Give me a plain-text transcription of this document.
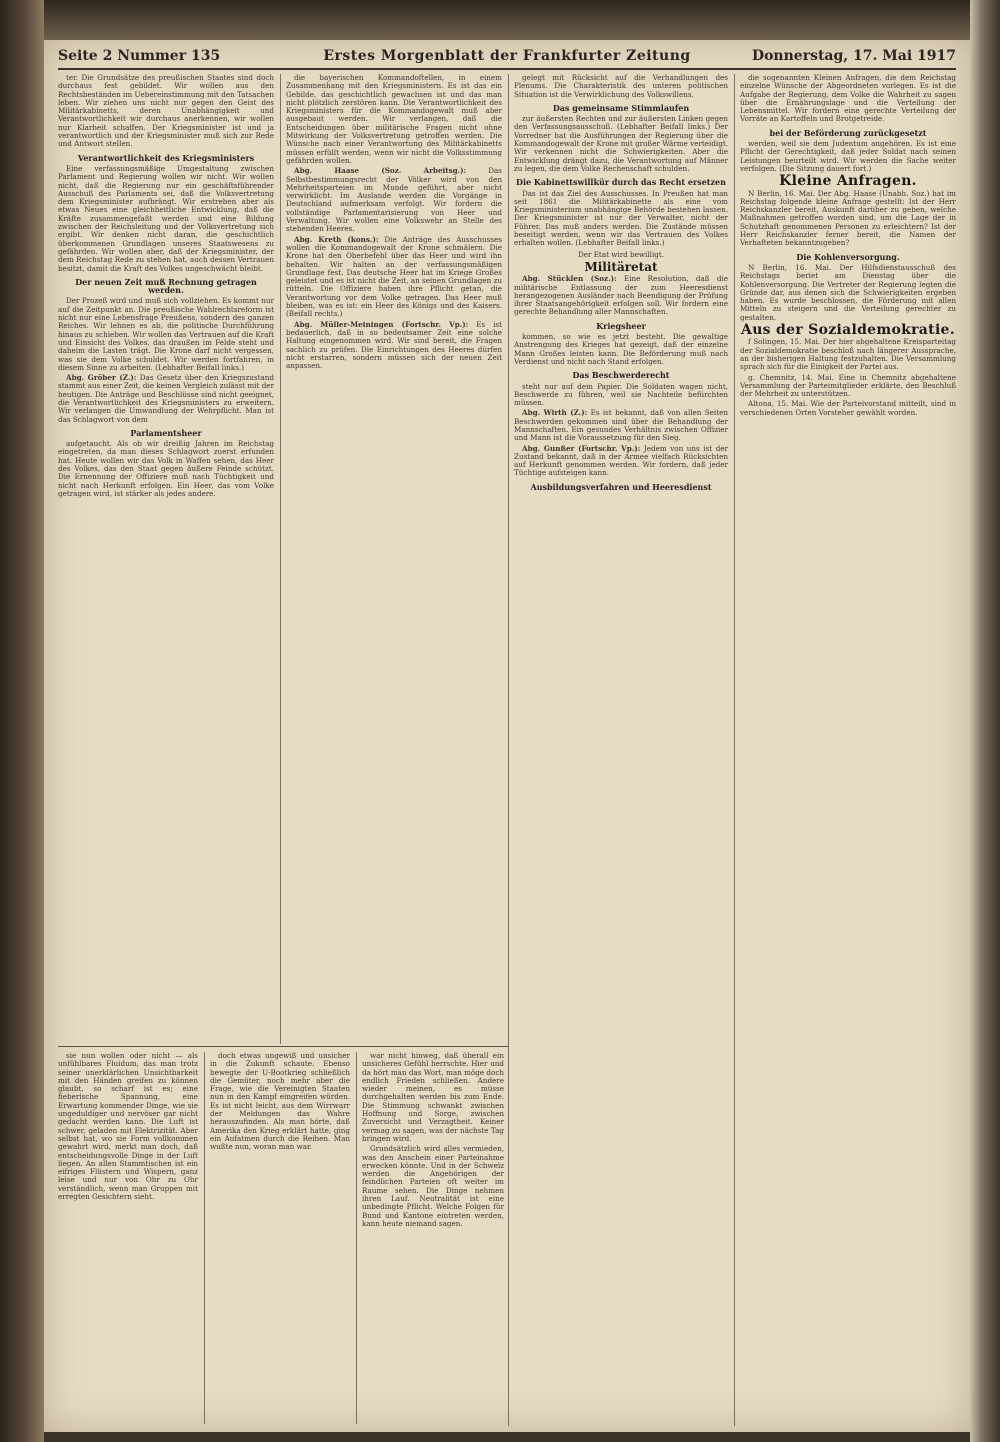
Seite 2 Nummer 135	Erstes Morgenblatt der Frankfurter Zeitung	Donnerstag, 17. Mai 1917

ter. Die Grundsätze des preußischen Staates sind doch durchaus fest gebildet. Wir wollen aus den Rechtsbeständen im Uebereinstimmung mit den Tatsachen leben. Wir ziehen uns nicht nur gegen den Geist des Militärkabinetts, deren Unabhängigkeit und Verantwortlichkeit wir durchaus anerkennen, wir wollen nur Klarheit schaffen. Der Kriegsminister ist und ja verantwortlich und der Kriegsminister muß sich zur Rede und Antwort stellen.

Verantwortlichkeit des Kriegsministers

Eine verfassungsmäßige Umgestaltung zwischen Parlament und Regierung wollen wir nicht. Wir wollen nicht, daß die Regierung nur ein geschäftsführender Ausschuß des Parlaments sei, daß die Volksvertretung dem Kriegsminister aufbrängt. Wir erstreben aber als etwas Neues eine gleichheitliche Entwicklung, daß die Kräfte zusammengefaßt werden und eine Bildung zwischen der Reichsleitung und der Volksvertretung sich ergibt. Wir denken nicht daran, die geschichtlich überkommenen Grundlagen unseres Staatswesens zu gefährden. Wir wollen aber, daß der Kriegsminister, der dem Reichstag Rede zu stehen hat, auch dessen Vertrauen besitzt, damit die Kraft des Volkes ungeschwächt bleibt.

Der neuen Zeit muß Rechnung getragen werden.

Der Prozeß wird und muß sich vollziehen. Es kommt nur auf die Zeitpunkt an. Die preußische Wahlrechtsreform ist nicht nur eine Lebensfrage Preußens, sondern des ganzen Reiches. Wir lehnen es ab, die politische Durchführung hinaus zu schieben. Wir wollen das Vertrauen auf die Kraft und Einsicht des Volkes, das draußen im Felde steht und daheim die Lasten trägt. Die Krone darf nicht vergessen, was sie dem Volke schuldet. Wir werden fortfahren, in diesem Sinne zu arbeiten. (Lebhafter Beifall links.)

Abg. Gröber (Z.): Das Gesetz über den Kriegszustand stammt aus einer Zeit, die keinen Vergleich zulässt mit der heutigen. Die Anträge und Beschlüsse sind nicht geeignet, die Verantwortlichkeit des Kriegsministers zu erweitern. Wir verlangen die Umwandlung der Wehrpflicht. Man ist das Schlagwort von dem

Parlamentsheer

aufgetaucht. Als ob wir dreißig Jahren im Reichstag eingetreten, da man dieses Schlagwort zuerst erfunden hat. Heute wollen wir das Volk in Waffen sehen, das Heer des Volkes, das den Staat gegen äußere Feinde schützt. Die Ernennung der Offiziere muß nach Tüchtigkeit und nicht nach Herkunft erfolgen. Ein Heer, das vom Volke getragen wird, ist stärker als jedes andere.

die bayerischen Kommandoftellen, in einem Zusammenhang mit den Kriegsministern. Es ist das ein Gebilde, das geschichtlich gewachsen ist und das man nicht plötzlich zerstören kann. Die Verantwortlichkeit des Kriegsministers für die Kommandogewalt muß aber ausgebaut werden. Wir verlangen, daß die Entscheidungen über militärische Fragen nicht ohne Mitwirkung der Volksvertretung getroffen werden. Die Wünsche nach einer Verantwortung des Militärkabinetts müssen erfüllt werden, wenn wir nicht die Volksstimmung gefährden wollen.

Abg. Haase (Soz. Arbeitsg.):	Das Selbstbestimmungsrecht der Völker wird von den Mehrheitsparteien im Munde geführt, aber nicht verwirklicht. Im Auslande werden die Vorgänge in Deutschland aufmerksam verfolgt. Wir fordern die vollständige Parlamentarisierung von Heer und Verwaltung. Wir wollen eine Volkswehr an Stelle des stehenden Heeres.

Abg. Kreth (kons.): Die Anträge des Ausschusses wollen die Kommandogewalt der Krone schmälern. Die Krone hat den Oberbefehl über das Heer und wird ihn behalten. Wir halten an der verfassungsmäßigen Grundlage fest. Das deutsche Heer hat im Kriege Großes geleistet und es ist nicht die Zeit, an seinen Grundlagen zu rütteln. Die Offiziere haben ihre Pflicht getan, die Verantwortung vor dem Volke getragen. Das Heer muß bleiben, was es ist: ein Heer des Königs und des Kaisers. (Beifall rechts.)

Abg. Müller-Meiningen (Fortschr. Vp.): Es ist bedauerlich, daß in so bedeutsamer Zeit eine solche Haltung eingenommen wird. Wir sind bereit, die Fragen sachlich zu prüfen. Die Einrichtungen des Heeres dürfen nicht erstarren, sondern müssen sich der neuen Zeit anpassen.

gelegt mit Rücksicht auf die Verhandlungen des Plenums. Die Charakteristik des unteren politischen Situation ist die Verwirklichung des Volkswillens.

Das gemeinsame Stimmlaufen

zur äußersten Rechten und zur äußersten Linken gegen den Verfassungsausschuß. (Lebhafter Beifall links.) Der Vorredner hat die Ausführungen der Regierung über die Kommandogewalt der Krone mit großer Wärme verteidigt. Wir verkennen nicht die Schwierigkeiten. Aber die Entwicklung drängt dazu, die Verantwortung auf Männer zu legen, die dem Volke Rechenschaft schulden.

Die Kabinettswillkür durch das Recht ersetzen

Das ist das Ziel des Ausschusses. In Preußen hat man seit 1861 die Militärkabinette als eine vom Kriegsministerium unabhängige Behörde bestehen lassen. Der Kriegsminister ist nur der Verwalter, nicht der Führer. Das muß anders werden. Die Zustände müssen beseitigt werden, wenn wir das Vertrauen des Volkes erhalten wollen. (Lebhafter Beifall links.)

Der Etat wird bewilligt.
Militäretat

Abg. Stücklen (Soz.): Eine Resolution, daß die militärische Entlassung der zum Heeresdienst herangezogenen Ausländer nach Beendigung der Prüfung ihrer Staatsangehörigkeit erfolgen soll. Wir fordern eine gerechte Behandlung aller Mannschaften.

Kriegsheer

kommen, so wie es jetzt besteht. Die gewaltige Anstrengung des Krieges hat gezeigt, daß der einzelne Mann Großes leisten kann. Die Beförderung muß nach Verdienst und nicht nach Stand erfolgen.

Das Beschwerderecht

steht nur auf dem Papier. Die Soldaten wagen nicht, Beschwerde zu führen, weil sie Nachteile befürchten müssen.

Abg. Wirth (Z.): Es ist bekannt, daß von allen Seiten Beschwerden gekommen sind über die Behandlung der Mannschaften. Ein gesundes Verhältnis zwischen Offizier und Mann ist die Voraussetzung für den Sieg.

Abg. Gunßer (Fortschr. Vp.): Jedem von uns ist der Zustand bekannt, daß in der Armee vielfach Rücksichten auf Herkunft genommen werden. Wir fordern, daß jeder Tüchtige aufsteigen kann.

Ausbildungsverfahren und Heeresdienst

die sogenannten Kleinen Anfragen, die dem Reichstag einzelne Wünsche der Abgeordneten vorlegen. Es ist die Aufgabe der Regierung, dem Volke die Wahrheit zu sagen über die Ernährungslage und die Verteilung der Lebensmittel. Wir fordern eine gerechte Verteilung der Vorräte an Kartoffeln und Brotgetreide.

bei der Beförderung zurückgesetzt

werden, weil sie dem Judentum angehören. Es ist eine Pflicht der Gerechtigkeit, daß jeder Soldat nach seinen Leistungen beurteilt wird. Wir werden die Sache weiter verfolgen. (Die Sitzung dauert fort.)

Kleine Anfragen.

N Berlin, 16. Mai. Der Abg. Haase (Unabh. Soz.) hat im Reichstag folgende kleine Anfrage gestellt: Ist der Herr Reichskanzler bereit, Auskunft darüber zu geben, welche Maßnahmen getroffen worden sind, um die Lage der in Schutzhaft genommenen Personen zu erleichtern? Ist der Herr Reichskanzler ferner bereit, die Namen der Verhafteten bekanntzugeben?

Die Kohlenversorgung.

N Berlin, 16. Mai. Der Hilfsdienstausschuß des Reichstags beriet am Dienstag über die Kohlenversorgung. Die Vertreter der Regierung legten die Gründe dar, aus denen sich die Schwierigkeiten ergeben haben. Es wurde beschlossen, die Förderung mit allen Mitteln zu steigern und die Verteilung gerechter zu gestalten.

Aus der Sozialdemokratie.

f Solingen, 15. Mai. Der hier abgehaltene Kreisparteitag der Sozialdemokratie beschloß nach längerer Aussprache, an der bisherigen Haltung festzuhalten. Die Versammlung sprach sich für die Einigkeit der Partei aus.

g. Chemnitz, 14. Mai. Eine in Chemnitz abgehaltene Versammlung der Parteimitglieder erklärte, den Beschluß der Mehrheit zu unterstützen.

Altona, 15. Mai. Wie der Parteivorstand mitteilt, sind in verschiedenen Orten Vorsteher gewählt worden.

sie nun wollen oder nicht — als unfühlbares Fluidum, das man trotz seiner unerklärlichen Unsichtbarkeit mit den Händen greifen zu können glaubt, so scharf ist es; eine fieberische Spannung, eine Erwartung kommender Dinge, wie sie ungeduldiger und nervöser gar nicht gedacht werden kann. Die Luft ist schwer, geladen mit Elektrizität. Aber selbst hat, wo sie Form vollkommen gewahrt wird, merkt man doch, daß entscheidungsvolle Dinge in der Luft liegen. An allen Stammtischen ist ein eifriges Flüstern und Wispern, ganz leise und nur von Ohr zu Ohr verständlich, wenn man Gruppen mit erregten Gesichtern sieht.

doch etwas ungewiß und unsicher in die Zukunft schaute. Ebenso bewegte der U-Bootkrieg schließlich die Gemüter, noch mehr aber die Frage, wie die Vereinigten Staaten nun in den Kampf eingreifen würden. Es ist nicht leicht, aus dem Wirrwarr der Meldungen das Wahre herauszufinden. Als man hörte, daß Amerika den Krieg erklärt hatte, ging ein Aufatmen durch die Reihen. Man wußte nun, woran man war.

war nicht hinweg, daß überall ein unsicheres Gefühl herrschte. Hier und da hört man das Wort, man möge doch endlich Frieden schließen. Andere wieder meinen, es müsse durchgehalten werden bis zum Ende. Die Stimmung schwankt zwischen Hoffnung und Sorge, zwischen Zuversicht und Verzagtheit. Keiner vermag zu sagen, was der nächste Tag bringen wird.

Grundsätzlich wird alles vermieden, was den Anschein einer Parteinahme erwecken könnte. Und in der Schweiz werden die Angehörigen der feindlichen Parteien oft weiter im Raume sehen. Die Dinge nehmen ihren Lauf. Neutralität ist eine unbedingte Pflicht. Welche Folgen für Bund und Kantone eintreten werden, kann heute niemand sagen.
